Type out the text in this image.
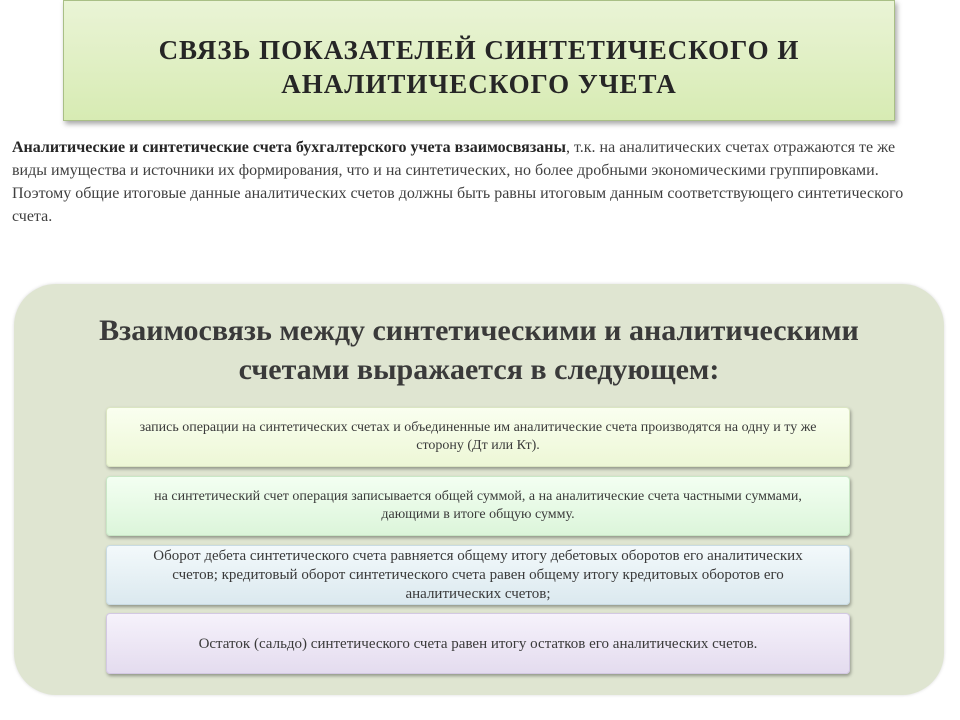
СВЯЗЬ ПОКАЗАТЕЛЕЙ СИНТЕТИЧЕСКОГО И
АНАЛИТИЧЕСКОГО УЧЕТА

Аналитические и синтетические счета бухгалтерского учета взаимосвязаны, т.к. на аналитических счетах отражаются те же виды имущества и источники их формирования, что и на синтетических, но более дробными экономическими группировками. Поэтому общие итоговые данные аналитических счетов должны быть равны итоговым данным соответствующего синтетического счета.

Взаимосвязь между синтетическими и аналитическими
счетами выражается в следующем:
запись операции на синтетических счетах и объединенные им аналитические счета производятся на одну и ту же сторону (Дт или Кт).
на синтетический счет операция записывается общей суммой, а на аналитические счета частными суммами, дающими в итоге общую сумму.
Оборот дебета синтетического счета равняется общему итогу дебетовых оборотов его аналитических счетов; кредитовый оборот синтетического счета равен общему итогу кредитовых оборотов его аналитических счетов;
Остаток (сальдо) синтетического счета равен итогу остатков его аналитических счетов.
